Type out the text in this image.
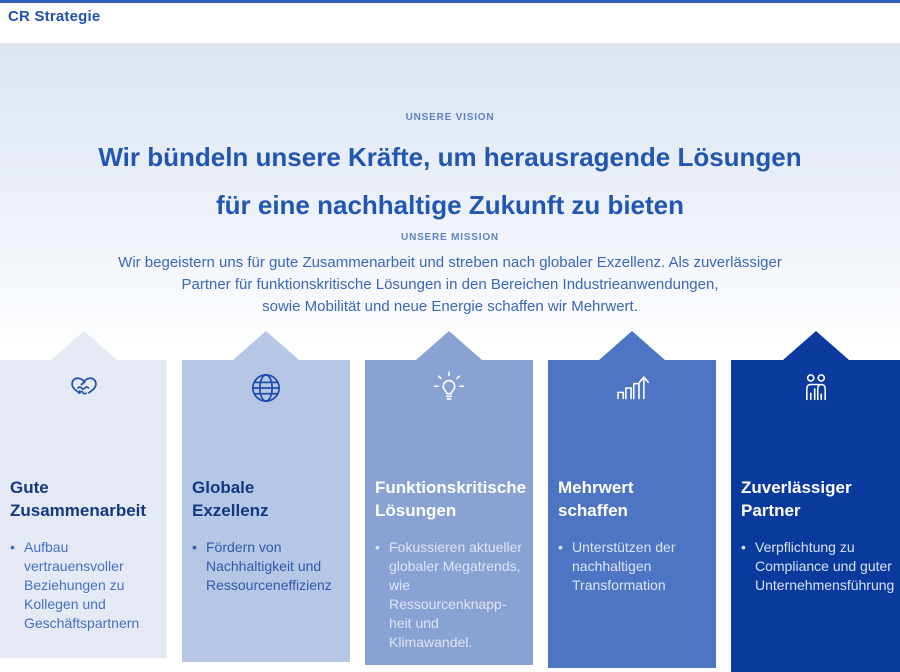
CR Strategie
UNSERE VISION
Wir bündeln unsere Kräfte, um herausragende Lösungen
für eine nachhaltige Zukunft zu bieten
UNSERE MISSION
Wir begeistern uns für gute Zusammenarbeit und streben nach globaler Exzellenz. Als zuverlässiger
Partner für funktionskritische Lösungen in den Bereichen Industrieanwendungen,
sowie Mobilität und neue Energie schaffen wir Mehrwert.
Gute
Zusammenarbeit
•
Aufbau vertrauensvoller Beziehungen zu Kollegen und Geschäftspartnern
Globale
Exzellenz
•
Fördern von Nachhaltigkeit und Ressourceneffizienz
Funktionskritische
Lösungen
•
Fokussieren aktueller globaler Megatrends, wie Ressourcenknappheit und Klimawandel.
Mehrwert
schaffen
•
Unterstützen der nachhaltigen Transformation
Zuverlässiger
Partner
•
Verpflichtung zu Compliance und guter Unternehmensführung
